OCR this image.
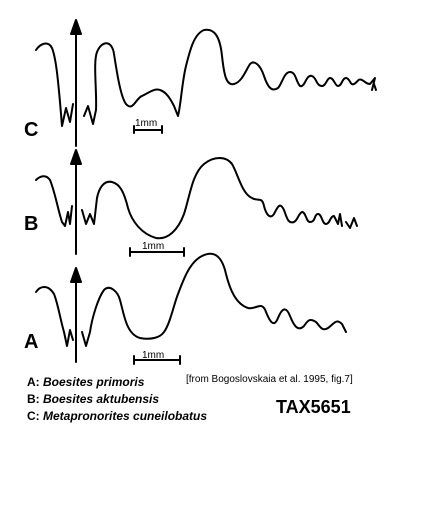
C	1mm
B
1mm
A
1mm
A: Boesites primoris
B: Boesites aktubensis
C: Metapronorites cuneilobatus
[from Bogoslovskaia et al. 1995, fig.7]
TAX5651
